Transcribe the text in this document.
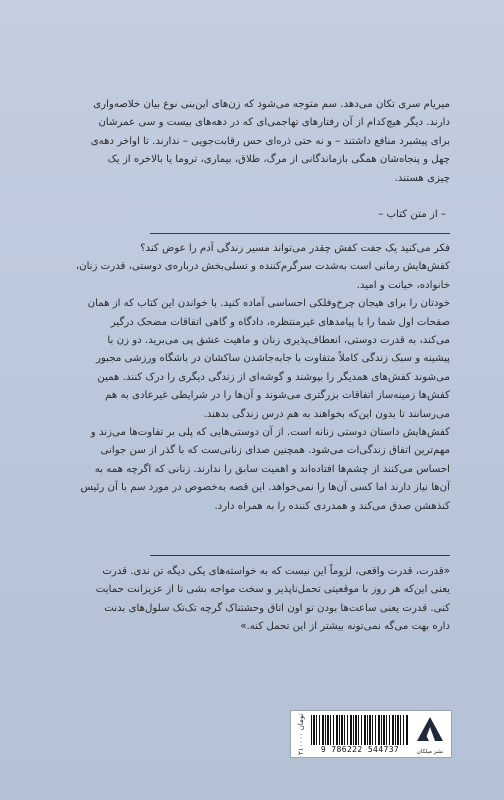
میریام سری تکان می‌دهد. سم متوجه می‌شود که زن‌های این‌بنی نوع بیان خلاصه‌واری

دارند. دیگر هیچ‌کدام از آن رفتارهای تهاجمی‌ای که در دهه‌های بیست و سی عمرشان

برای پیشبرد منافع داشتند – و نه حتی ذره‌ای حس رقابت‌جویی – ندارند. تا اواخر دهه‌ی

چهل و پنجاه‌شان همگی بازماندگانی از مرگ، طلاق، بیماری، تروما یا بالاخره از یک

چیزی هستند.

– از متن کتاب –

فکر می‌کنید یک جفت کفش چقدر می‌تواند مسیر زندگی آدم را عوض کند؟

کفش‌هایش رمانی است به‌شدت سرگرم‌کننده و تسلی‌بخش درباره‌ی دوستی، قدرت زنان،

خانواده، خیانت و امید.

خودتان را برای هیجان چرخ‌وفلکی احساسی آماده کنید. با خواندن این کتاب که از همان

صفحات اول شما را با پیامدهای غیرمنتظره، دادگاه و گاهی اتفاقات مضحک درگیر

می‌کند، به قدرت دوستی، انعطاف‌پذیری زنان و ماهیت عشق پی می‌برید. دو زن با

پیشینه و سبک زندگی کاملاً متفاوت با جابه‌جاشدن ساکشان در باشگاه ورزشی مجبور

می‌شوند کفش‌های همدیگر را بپوشند و گوشه‌ای از زندگی دیگری را درک کنند. همین

کفش‌ها زمینه‌ساز اتفاقات بزرگتری می‌شوند و آن‌ها را در شرایطی غیرعادی به هم

می‌رسانند تا بدون این‌که بخواهند به هم درس زندگی بدهند.

کفش‌هایش داستان دوستی زنانه است. از آن دوستی‌هایی که پلی بر تفاوت‌ها می‌زند و

مهم‌ترین اتفاق زندگی‌ات می‌شود. همچنین صدای زنانی‌ست که با گذر از سن جوانی

احساس می‌کنند از چشم‌ها افتاده‌اند و اهمیت سابق را ندارند. زنانی که اگرچه همه به

آن‌ها نیاز دارند اما کسی آن‌ها را نمی‌خواهد. این قصه به‌خصوص در مورد سم با آن رئیس

کنذهشن صدق می‌کند و همدردی کننده را به همراه دارد.

«قدرت، قدرت واقعی، لزوماً این نیست که به خواسته‌های یکی دیگه تن ندی. قدرت

یعنی این‌که هر روز با موقعیتی تحمل‌ناپذیر و سخت مواجه بشی تا از عزیزانت حمایت

کنی. قدرت یعنی ساعت‌ها بودن تو اون اتاق وحشتناک گرچه تک‌تک سلول‌های بدنت

داره بهت می‌گه نمی‌تونه بیشتر از این تحمل کنه.»

۲۱۰۰۰۰ تومان
9 786222 544737	نشر میلکان
